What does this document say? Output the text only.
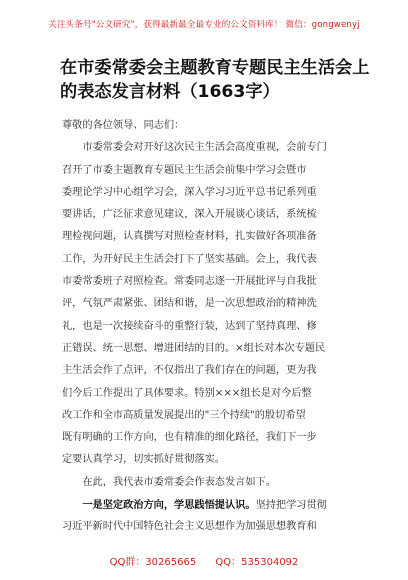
关注头条号"公文研究"，获得最新最全最专业的公文资料库！ 微信：gongwenyj
在市委常委会主题教育专题民主生活会上
的表态发言材料（1663字）
尊敬的各位领导、同志们：
　　市委常委会对开好这次民主生活会高度重视，会前专门
召开了市委主题教育专题民主生活会前集中学习会暨市
委理论学习中心组学习会，深入学习习近平总书记系列重
要讲话，广泛征求意见建议，深入开展谈心谈话，系统梳
理检视问题，认真撰写对照检查材料，扎实做好各项准备
工作，为开好民主生活会打下了坚实基础。会上，我代表
市委常委班子对照检查。常委同志逐一开展批评与自我批
评，气氛严肃紧张、团结和谐，是一次思想政治的精神洗
礼，也是一次接续奋斗的重整行装，达到了坚持真理、修
正错误、统一思想、增进团结的目的。×组长对本次专题民
主生活会作了点评，不仅指出了我们存在的问题，更为我
们今后工作提出了具体要求。特别×××组长是对今后整
改工作和全市高质量发展提出的"三个持续"的殷切希望
既有明确的工作方向，也有精准的细化路径，我们下一步
定要认真学习，切实抓好贯彻落实。
　　在此，我代表市委常委会作表态发言如下。
　　一是坚定政治方向，学思践悟提认识。坚持把学习贯彻
习近平新时代中国特色社会主义思想作为加强思想教育和
QQ群：30265665 QQ：535304092
